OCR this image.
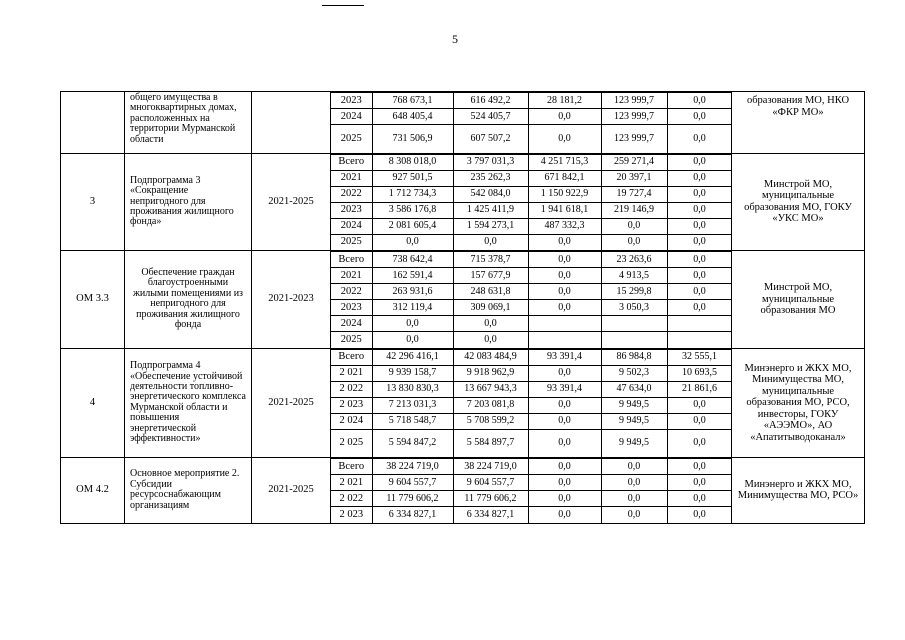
5
	общего имущества в многоквартирных домах, расположенных на территории Мурманской области		
2023	768 673,1	616 492,2	28 181,2	123 999,7	0,0
2024	648 405,4	524 405,7	0,0	123 999,7	0,0
2025	731 506,9	607 507,2	0,0	123 999,7	0,0
	образования МО, НКО «ФКР МО»
3	Подпрограмма 3 «Сокращение непригодного для проживания жилищного фонда»	2021-2025	
Всего	8 308 018,0	3 797 031,3	4 251 715,3	259 271,4	0,0
2021	927 501,5	235 262,3	671 842,1	20 397,1	0,0
2022	1 712 734,3	542 084,0	1 150 922,9	19 727,4	0,0
2023	3 586 176,8	1 425 411,9	1 941 618,1	219 146,9	0,0
2024	2 081 605,4	1 594 273,1	487 332,3	0,0	0,0
2025	0,0	0,0	0,0	0,0	0,0
	Минстрой МО, муниципальные образования МО, ГОКУ «УКС МО»
ОМ 3.3	Обеспечение граждан благоустроенными жилыми помещениями из непригодного для проживания жилищного фонда	2021-2023	
Всего	738 642,4	715 378,7	0,0	23 263,6	0,0
2021	162 591,4	157 677,9	0,0	4 913,5	0,0
2022	263 931,6	248 631,8	0,0	15 299,8	0,0
2023	312 119,4	309 069,1	0,0	3 050,3	0,0
2024	0,0	0,0			
2025	0,0	0,0			
	Минстрой МО, муниципальные образования МО
4	Подпрограмма 4 «Обеспечение устойчивой деятельности топливно-энергетического комплекса Мурманской области и повышения энергетической эффективности»	2021-2025	
Всего	42 296 416,1	42 083 484,9	93 391,4	86 984,8	32 555,1
2 021	9 939 158,7	9 918 962,9	0,0	9 502,3	10 693,5
2 022	13 830 830,3	13 667 943,3	93 391,4	47 634,0	21 861,6
2 023	7 213 031,3	7 203 081,8	0,0	9 949,5	0,0
2 024	5 718 548,7	5 708 599,2	0,0	9 949,5	0,0
2 025	5 594 847,2	5 584 897,7	0,0	9 949,5	0,0
	Минэнерго и ЖКХ МО, Минимущества МО, муниципальные образования МО, РСО, инвесторы, ГОКУ «АЭЭМО», АО «Апатитыводоканал»
ОМ 4.2	Основное мероприятие 2. Субсидии ресурсоснабжающим организациям	2021-2025	
Всего	38 224 719,0	38 224 719,0	0,0	0,0	0,0
2 021	9 604 557,7	9 604 557,7	0,0	0,0	0,0
2 022	11 779 606,2	11 779 606,2	0,0	0,0	0,0
2 023	6 334 827,1	6 334 827,1	0,0	0,0	0,0
	Минэнерго и ЖКХ МО, Минимущества МО, РСО»
